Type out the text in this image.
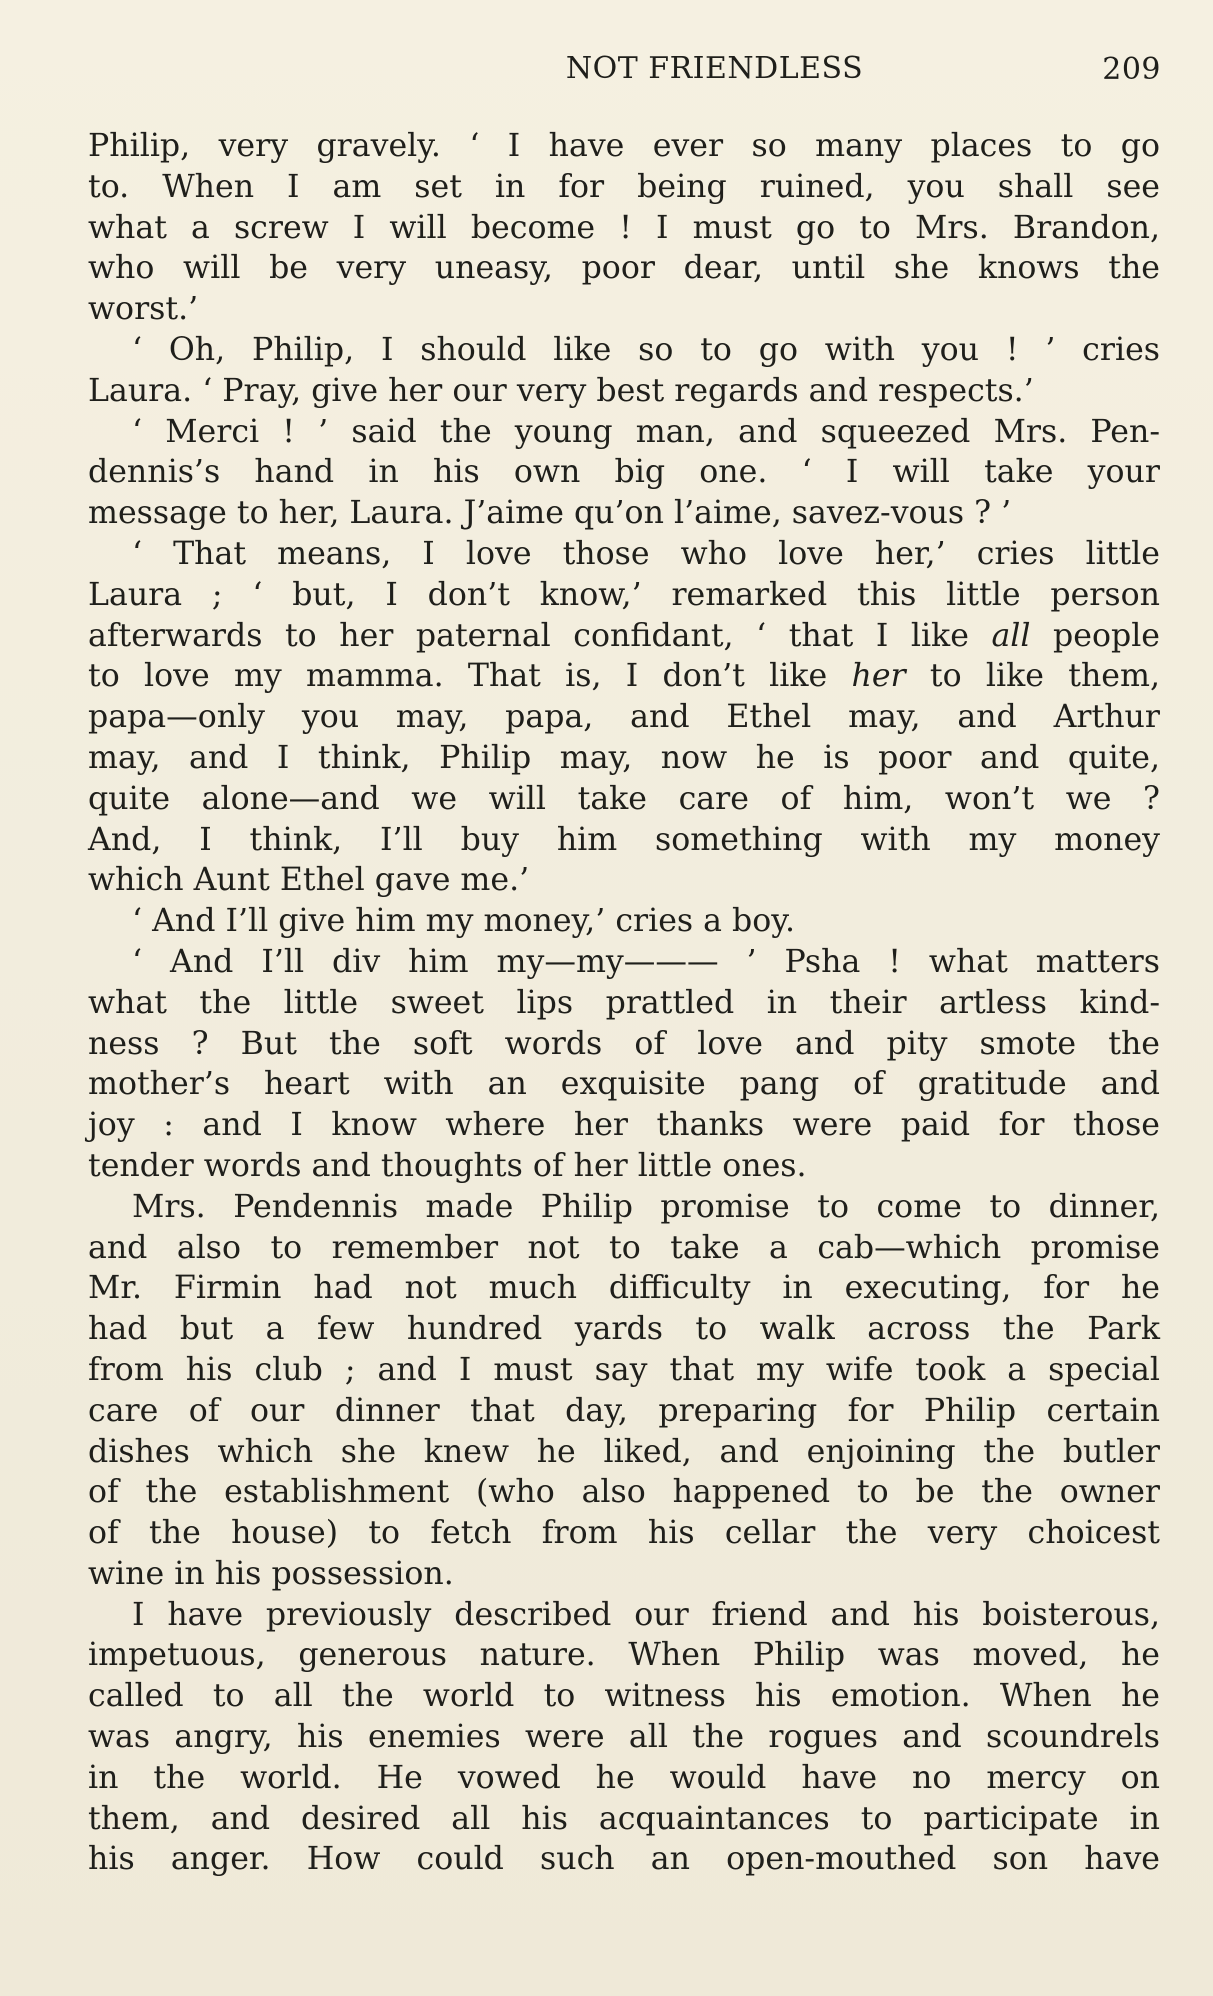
NOT FRIENDLESS	209
Philip, very gravely. ‘ I have ever so many places to go
to. When I am set in for being ruined, you shall see
what a screw I will become ! I must go to Mrs. Brandon,
who will be very uneasy, poor dear, until she knows the
worst.’
‘ Oh, Philip, I should like so to go with you ! ’ cries
Laura. ‘ Pray, give her our very best regards and respects.’
‘ Merci ! ’ said the young man, and squeezed Mrs. Pen-
dennis’s hand in his own big one. ‘ I will take your
message to her, Laura. J’aime qu’on l’aime, savez-vous ? ’
‘ That means, I love those who love her,’ cries little
Laura ; ‘ but, I don’t know,’ remarked this little person
afterwards to her paternal confidant, ‘ that I like all people
to love my mamma. That is, I don’t like her to like them,
papa—only you may, papa, and Ethel may, and Arthur
may, and I think, Philip may, now he is poor and quite,
quite alone—and we will take care of him, won’t we ?
And, I think, I’ll buy him something with my money
which Aunt Ethel gave me.’
‘ And I’ll give him my money,’ cries a boy.
‘ And I’ll div him my—my——— ’ Psha ! what matters
what the little sweet lips prattled in their artless kind-
ness ? But the soft words of love and pity smote the
mother’s heart with an exquisite pang of gratitude and
joy : and I know where her thanks were paid for those
tender words and thoughts of her little ones.
Mrs. Pendennis made Philip promise to come to dinner,
and also to remember not to take a cab—which promise
Mr. Firmin had not much difficulty in executing, for he
had but a few hundred yards to walk across the Park
from his club ; and I must say that my wife took a special
care of our dinner that day, preparing for Philip certain
dishes which she knew he liked, and enjoining the butler
of the establishment (who also happened to be the owner
of the house) to fetch from his cellar the very choicest
wine in his possession.
I have previously described our friend and his boisterous,
impetuous, generous nature. When Philip was moved, he
called to all the world to witness his emotion. When he
was angry, his enemies were all the rogues and scoundrels
in the world. He vowed he would have no mercy on
them, and desired all his acquaintances to participate in
his anger. How could such an open-mouthed son have
